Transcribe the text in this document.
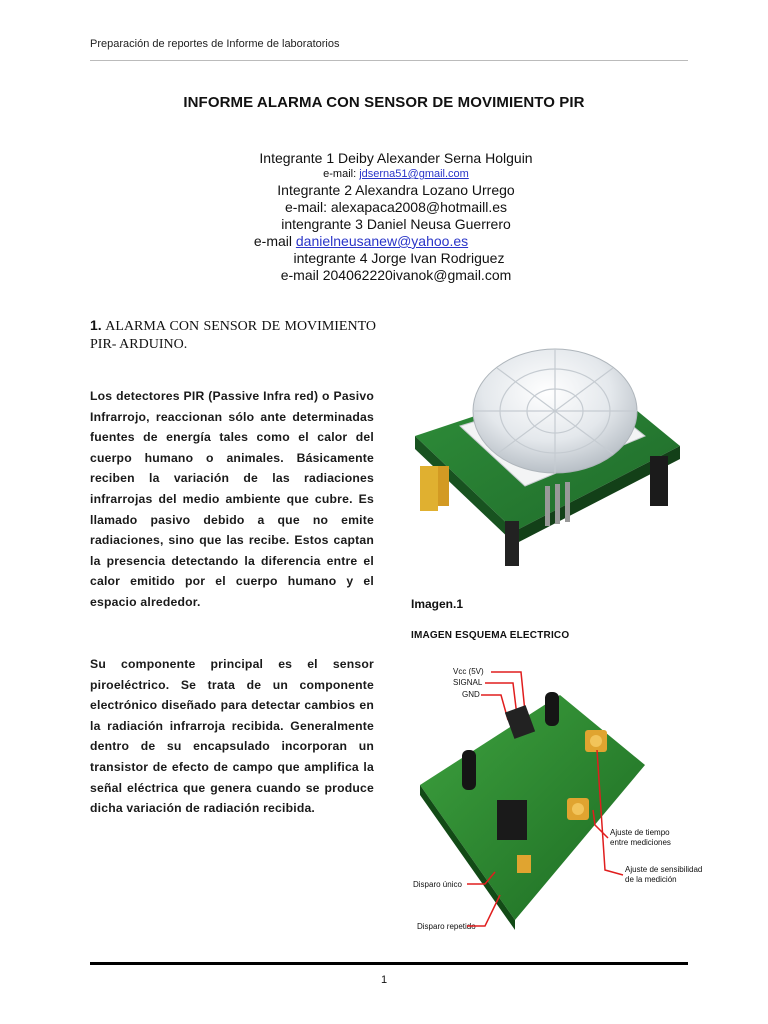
Preparación de reportes de Informe de laboratorios
INFORME ALARMA CON SENSOR DE MOVIMIENTO PIR
Integrante 1 Deiby Alexander Serna Holguin
e-mail: jdserna51@gmail.com
Integrante 2 Alexandra Lozano Urrego
e-mail: alexapaca2008@hotmaill.es
intengrante 3 Daniel Neusa Guerrero
e-mail danielneusanew@yahoo.es
integrante 4 Jorge Ivan Rodriguez
e-mail 204062220ivanok@gmail.com
1. ALARMA CON SENSOR DE MOVIMIENTO PIR- ARDUINO.
Los detectores PIR (Passive Infra red) o Pasivo Infrarrojo, reaccionan sólo ante determinadas fuentes de energía tales como el calor del cuerpo humano o animales. Básicamente reciben la variación de las radiaciones infrarrojas del medio ambiente que cubre. Es llamado pasivo debido a que no emite radiaciones, sino que las recibe. Estos captan la presencia detectando la diferencia entre el calor emitido por el cuerpo humano y el espacio alrededor.
Su componente principal es el sensor piroeléctrico. Se trata de un componente electrónico diseñado para detectar cambios en la radiación infrarroja recibida. Generalmente dentro de su encapsulado incorporan un transistor de efecto de campo que amplifica la señal eléctrica que genera cuando se produce dicha variación de radiación recibida.
Imagen.1
IMAGEN ESQUEMA ELECTRICO
Vcc (5V)
SIGNAL
GND
Ajuste de tiempo
entre mediciones
Ajuste de sensibilidad
de la medición
Disparo único
Disparo repetido
1
